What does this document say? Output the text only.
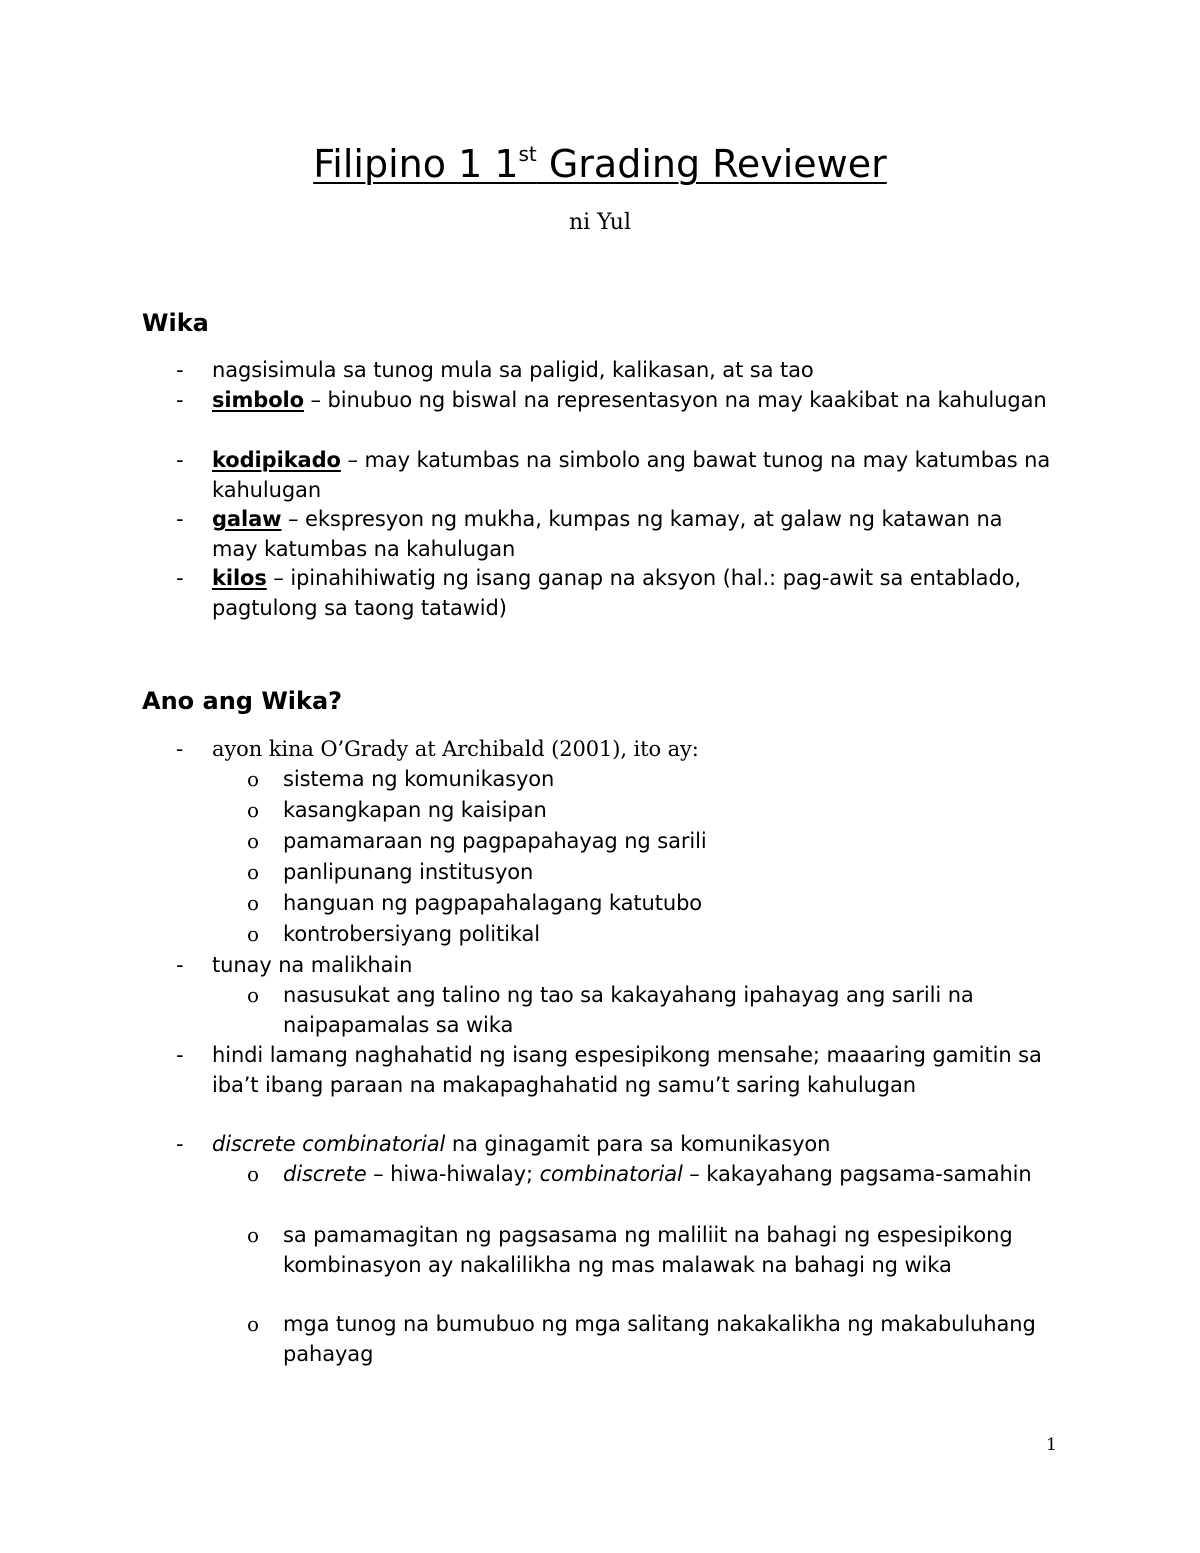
Filipino 1 1st Grading Reviewer
ni Yul
Wika
- nagsisimula sa tunog mula sa paligid, kalikasan, at sa tao
- simbolo – binubuo ng biswal na representasyon na may kaakibat na kahulugan
- kodipikado – may katumbas na simbolo ang bawat tunog na may katumbas na kahulugan
- galaw – ekspresyon ng mukha, kumpas ng kamay, at galaw ng katawan na may katumbas na kahulugan
- kilos – ipinahihiwatig ng isang ganap na aksyon (hal.: pag-awit sa entablado, pagtulong sa taong tatawid)
Ano ang Wika?
- ayon kina O’Grady at Archibald (2001), ito ay:
o sistema ng komunikasyon
o kasangkapan ng kaisipan
o pamamaraan ng pagpapahayag ng sarili
o panlipunang institusyon
o hanguan ng pagpapahalagang katutubo
o kontrobersiyang politikal
- tunay na malikhain
o nasusukat ang talino ng tao sa kakayahang ipahayag ang sarili na naipapamalas sa wika
- hindi lamang naghahatid ng isang espesipikong mensahe; maaaring gamitin sa iba’t ibang paraan na makapaghahatid ng samu’t saring kahulugan
- discrete combinatorial na ginagamit para sa komunikasyon
o discrete – hiwa-hiwalay; combinatorial – kakayahang pagsama-samahin
o sa pamamagitan ng pagsasama ng maliliit na bahagi ng espesipikong kombinasyon ay nakalilikha ng mas malawak na bahagi ng wika
o mga tunog na bumubuo ng mga salitang nakakalikha ng makabuluhang pahayag
1
